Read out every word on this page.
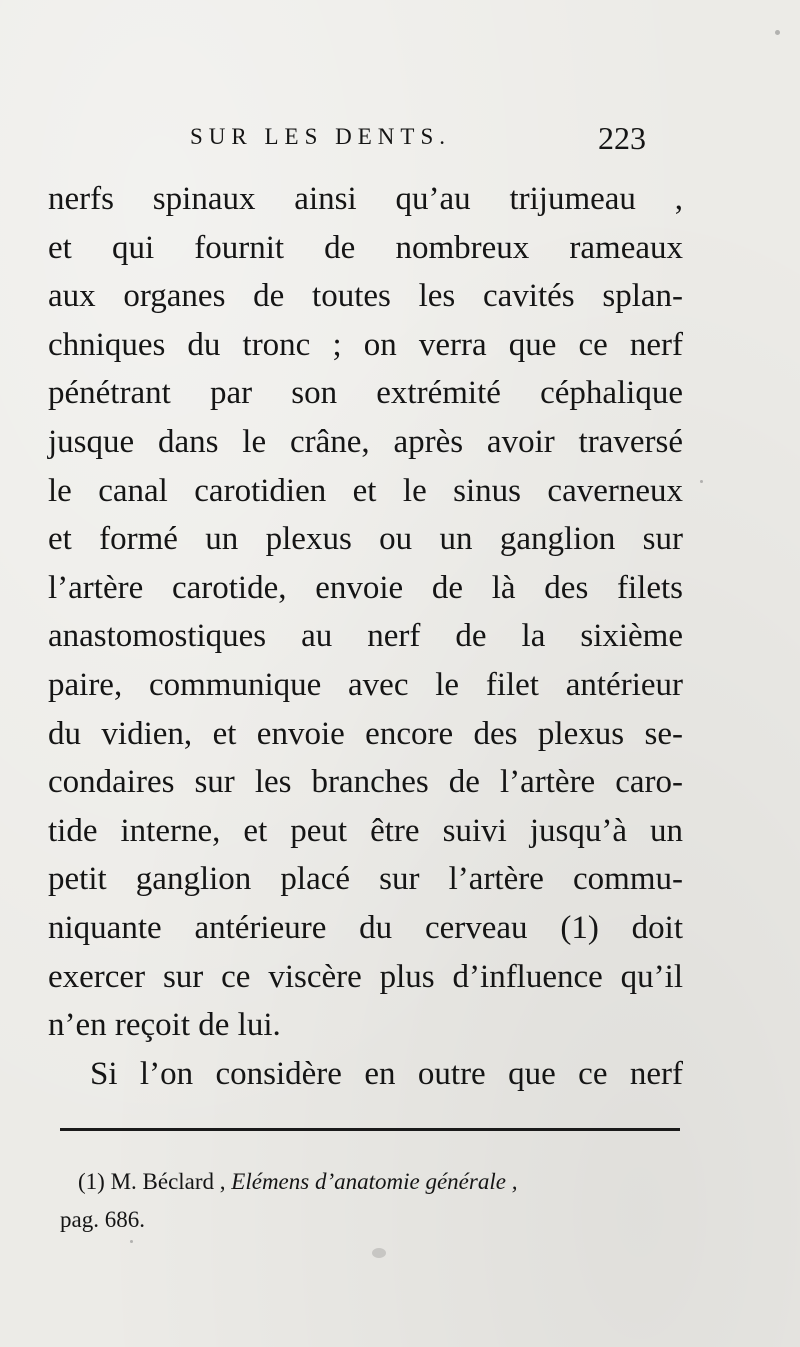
SUR LES DENTS.	223
nerfs spinaux ainsi qu’au trijumeau ,
et qui fournit de nombreux rameaux
aux organes de toutes les cavités splan-
chniques du tronc ; on verra que ce nerf
pénétrant par son extrémité céphalique
jusque dans le crâne, après avoir traversé
le canal carotidien et le sinus caverneux
et formé un plexus ou un ganglion sur
l’artère carotide, envoie de là des filets
anastomostiques au nerf de la sixième
paire, communique avec le filet antérieur
du vidien, et envoie encore des plexus se-
condaires sur les branches de l’artère caro-
tide interne, et peut être suivi jusqu’à un
petit ganglion placé sur l’artère commu-
niquante antérieure du cerveau (1) doit
exercer sur ce viscère plus d’influence qu’il
n’en reçoit de lui.
Si l’on considère en outre que ce nerf
(1) M. Béclard , Elémens d’anatomie générale ,
pag. 686.
